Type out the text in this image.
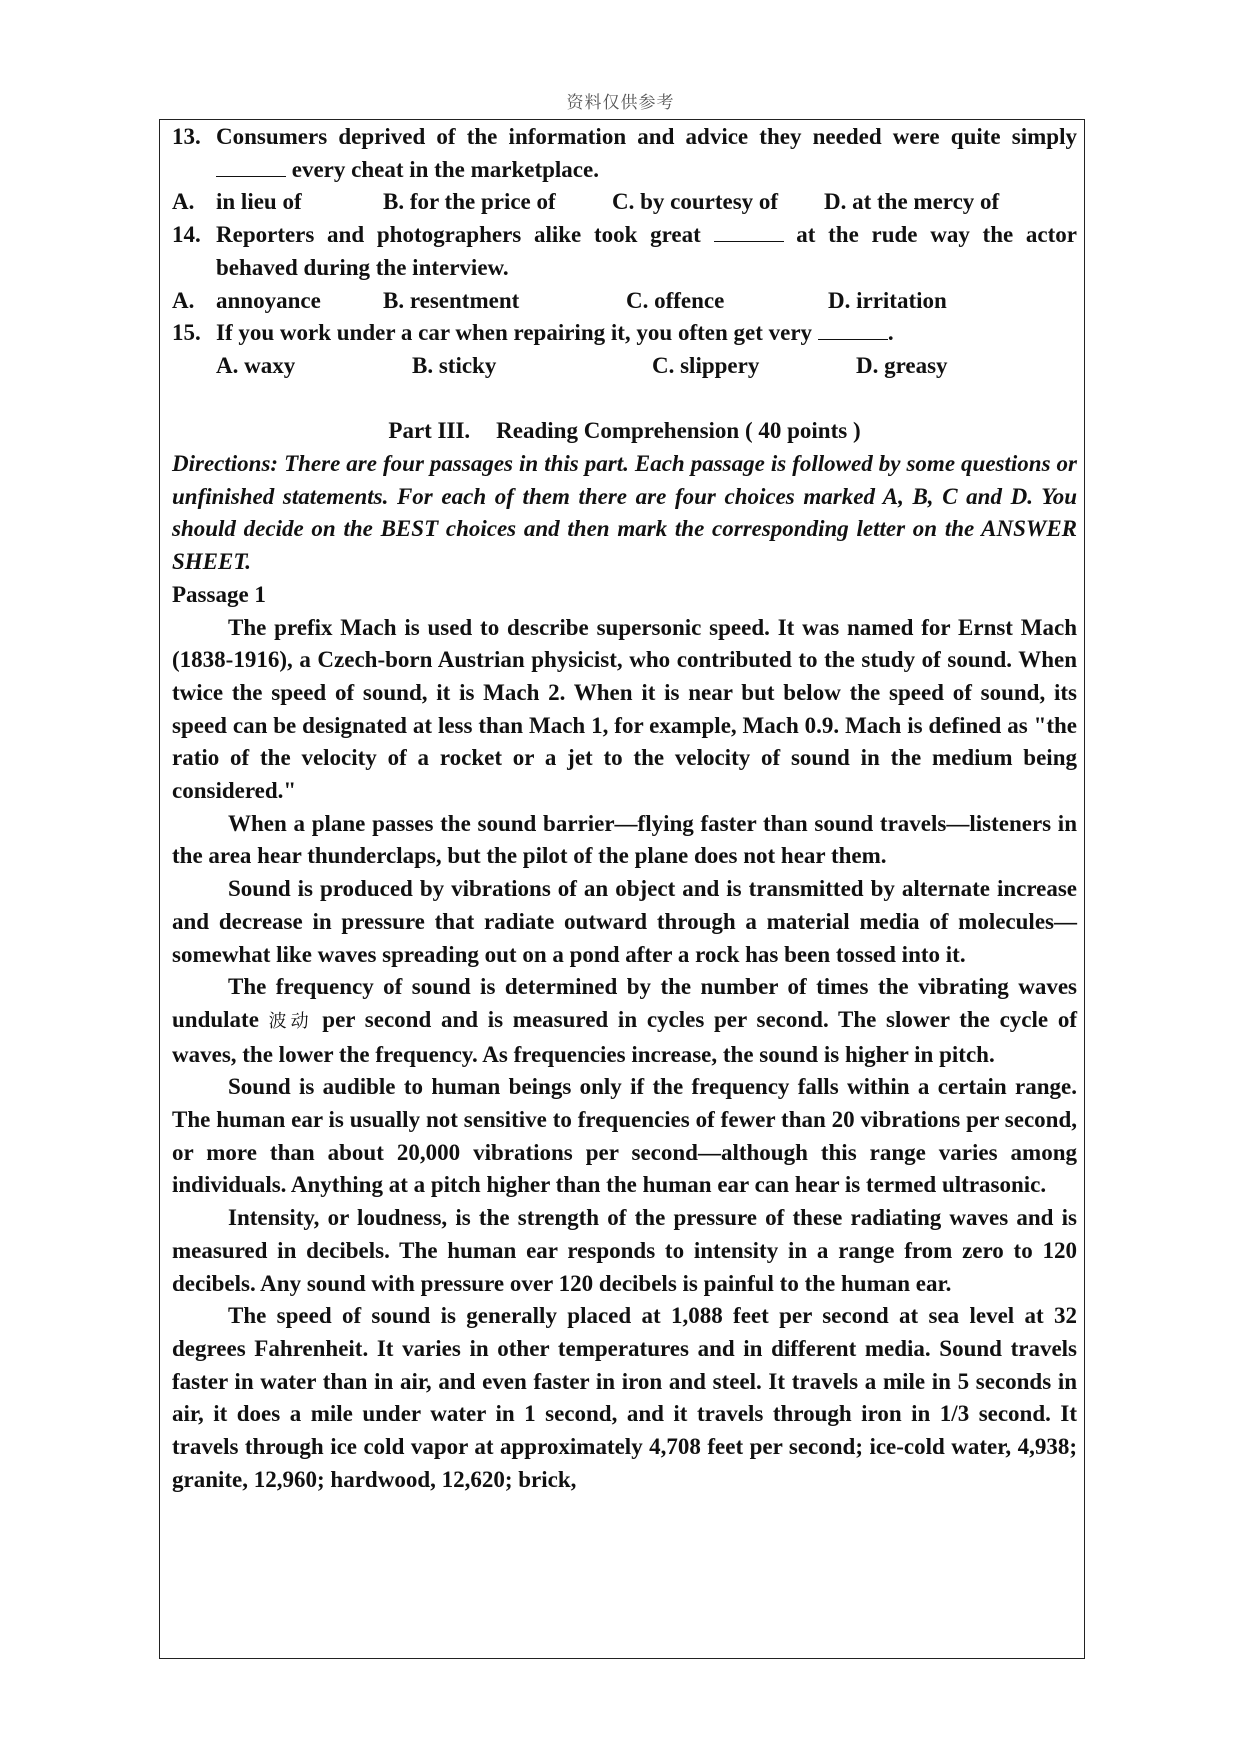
资料仅供参考
13. Consumers deprived of the information and advice they needed were quite simply  every cheat in the marketplace.

A. in lieu of	B. for the price of	C. by courtesy of	D. at the mercy of
14. Reporters and photographers alike took great	at the rude way the actor behaved during the interview.

A. annoyance	B. resentment	C. offence	D. irritation
15. If you work under a car when repairing it, you often get very	.

A. waxy	B. sticky	C. slippery	D. greasy

Part III. Reading Comprehension ( 40 points )

Directions: There are four passages in this part. Each passage is followed by some questions or unfinished statements. For each of them there are four choices marked A, B, C and D. You should decide on the BEST choices and then mark the corresponding letter on the ANSWER SHEET.

Passage 1

The prefix Mach is used to describe supersonic speed. It was named for Ernst Mach (1838-1916), a Czech-born Austrian physicist, who contributed to the study of sound. When twice the speed of sound, it is Mach 2. When it is near but below the speed of sound, its speed can be designated at less than Mach 1, for example, Mach 0.9. Mach is defined as "the ratio of the velocity of a rocket or a jet to the velocity of sound in the medium being considered."

When a plane passes the sound barrier—flying faster than sound travels—listeners in the area hear thunderclaps, but the pilot of the plane does not hear them.

Sound is produced by vibrations of an object and is transmitted by alternate increase and decrease in pressure that radiate outward through a material media of molecules— somewhat like waves spreading out on a pond after a rock has been tossed into it.

The frequency of sound is determined by the number of times the vibrating waves undulate 波动 per second and is measured in cycles per second. The slower the cycle of waves, the lower the frequency. As frequencies increase, the sound is higher in pitch.

Sound is audible to human beings only if the frequency falls within a certain range. The human ear is usually not sensitive to frequencies of fewer than 20 vibrations per second, or more than about 20,000 vibrations per second—although this range varies among individuals. Anything at a pitch higher than the human ear can hear is termed ultrasonic.

Intensity, or loudness, is the strength of the pressure of these radiating waves and is measured in decibels. The human ear responds to intensity in a range from zero to 120 decibels. Any sound with pressure over 120 decibels is painful to the human ear.

The speed of sound is generally placed at 1,088 feet per second at sea level at 32 degrees Fahrenheit. It varies in other temperatures and in different media. Sound travels faster in water than in air, and even faster in iron and steel. It travels a mile in 5 seconds in air, it does a mile under water in 1 second, and it travels through iron in 1/3 second. It travels through ice cold vapor at approximately 4,708 feet per second; ice-cold water, 4,938; granite, 12,960; hardwood, 12,620; brick,
